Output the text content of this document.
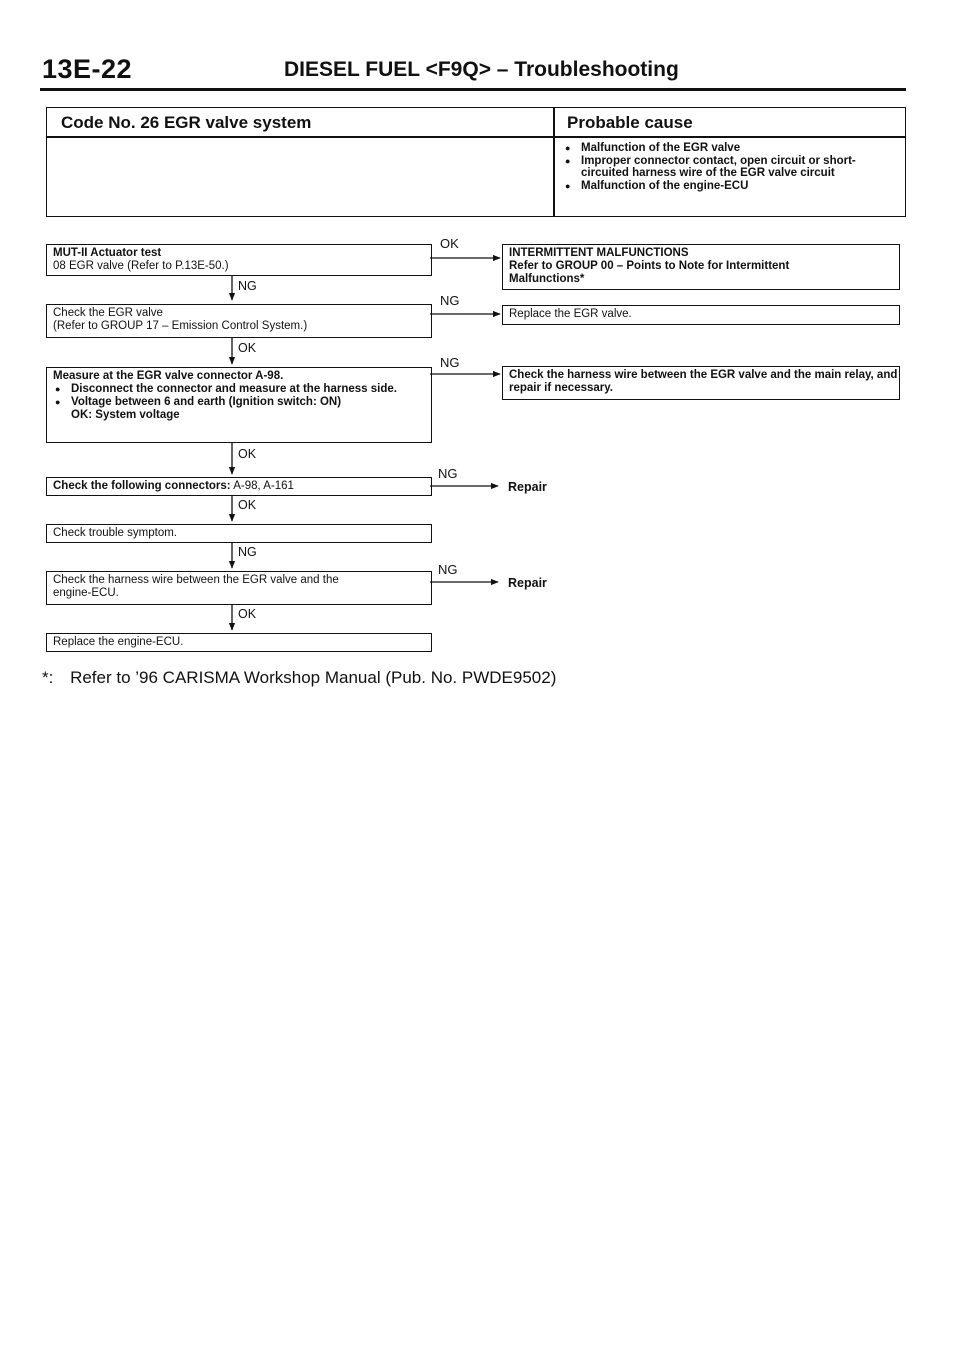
13E-22	DIESEL FUEL <F9Q> – Troubleshooting
Code No. 26 EGR valve system	Probable cause
● Malfunction of the EGR valve
● Improper connector contact, open circuit or short-circuited harness wire of the EGR valve circuit
● Malfunction of the engine-ECU
MUT-II Actuator test
08 EGR valve (Refer to P.13E-50.)
OK
INTERMITTENT MALFUNCTIONS
Refer to GROUP 00 – Points to Note for Intermittent
Malfunctions*
NG
Check the EGR valve
(Refer to GROUP 17 – Emission Control System.)
NG
Replace the EGR valve.
OK
Measure at the EGR valve connector A-98.
● Disconnect the connector and measure at the harness side.
● Voltage between 6 and earth (Ignition switch: ON)
OK: System voltage
NG
Check the harness wire between the EGR valve and the main relay, and repair if necessary.
OK
Check the following connectors: A-98, A-161
NG
Repair
OK
Check trouble symptom.
NG
Check the harness wire between the EGR valve and the
engine-ECU.
NG
Repair
OK
Replace the engine-ECU.
*: Refer to ’96 CARISMA Workshop Manual (Pub. No. PWDE9502)
